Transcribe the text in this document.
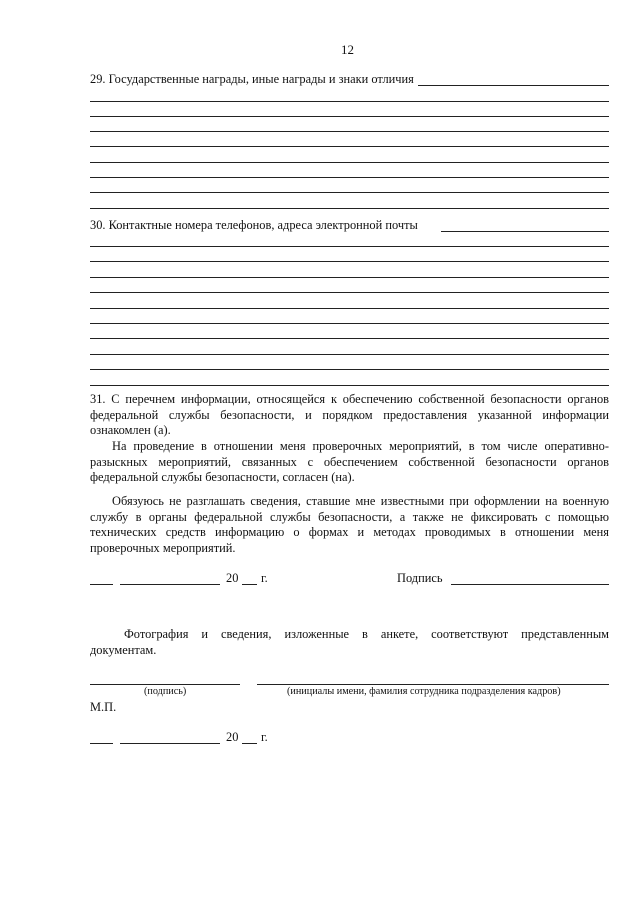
12
29. Государственные награды, иные награды и знаки отличия
30. Контактные номера телефонов, адреса электронной почты
31. С перечнем информации, относящейся к обеспечению собственной безопасности органов федеральной службы безопасности, и порядком предоставления указанной информации ознакомлен (а).
На проведение в отношении меня проверочных мероприятий, в том числе оперативно-разыскных мероприятий, связанных с обеспечением собственной безопасности органов федеральной службы безопасности, согласен (на).
Обязуюсь не разглашать сведения, ставшие мне известными при оформлении на военную службу в органы федеральной службы безопасности, а также не фиксировать с помощью технических средств информацию о формах и методах проводимых в отношении меня проверочных мероприятий.
20 г.	Подпись
Фотография и сведения, изложенные в анкете, соответствуют представленным документам.
(подпись)	(инициалы имени, фамилия сотрудника подразделения кадров)
М.П.
20 г.
